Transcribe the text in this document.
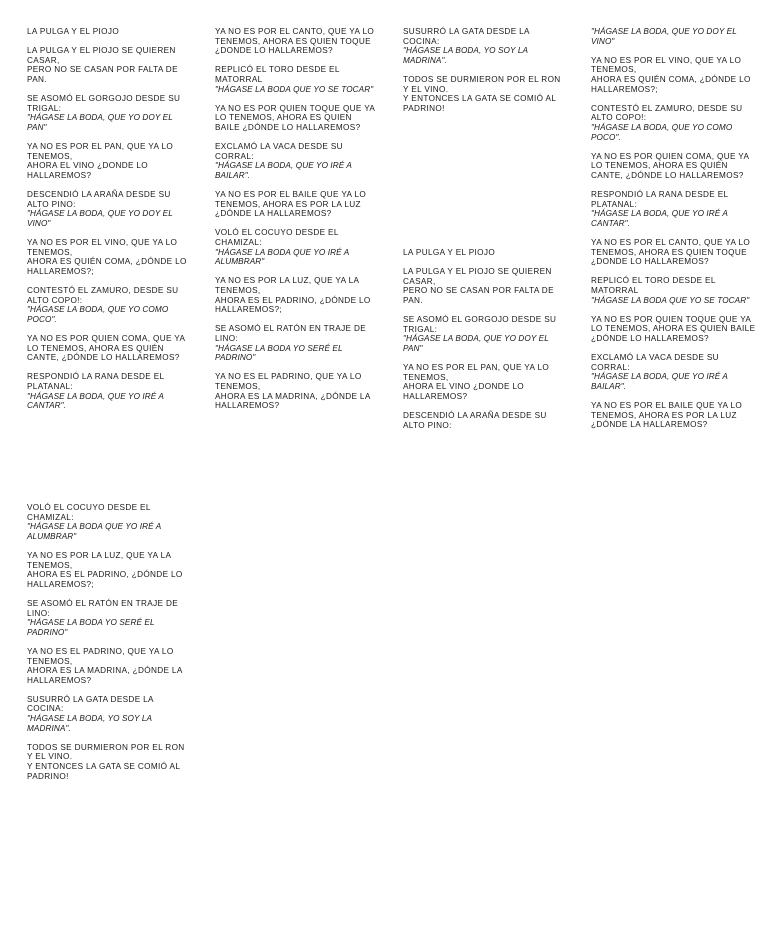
LA PULGA Y EL PIOJO
LA PULGA Y EL PIOJO SE QUIEREN CASAR,
PERO NO SE CASAN POR FALTA DE PAN.
SE ASOMÓ EL GORGOJO DESDE SU TRIGAL:
"HÁGASE LA BODA, QUE YO DOY EL PAN"
YA NO ES POR EL PAN, QUE YA LO TENEMOS,
AHORA EL VINO ¿DONDE LO HALLAREMOS?
DESCENDIÓ LA ARAÑA DESDE SU ALTO PINO:
"HÁGASE LA BODA, QUE YO DOY EL VINO"
YA NO ES POR EL VINO, QUE YA LO TENEMOS,
AHORA ES QUIÉN COMA, ¿DÓNDE LO HALLAREMOS?;
CONTESTÓ EL ZAMURO, DESDE SU ALTO COPO!:
"HÁGASE LA BODA, QUE YO COMO POCO".
YA NO ES POR QUIEN COMA, QUE YA LO TENEMOS, AHORA ES QUIÉN CANTE, ¿DÓNDE LO HALLAREMOS?
RESPONDIÓ LA RANA DESDE EL PLATANAL:
"HÁGASE LA BODA, QUE YO IRÉ A CANTAR".
YA NO ES POR EL CANTO, QUE YA LO TENEMOS, AHORA ES QUIEN TOQUE ¿DONDE LO HALLAREMOS?
REPLICÓ EL TORO DESDE EL MATORRAL
"HÁGASE LA BODA QUE YO SE TOCAR"
YA NO ES POR QUIEN TOQUE QUE YA LO TENEMOS, AHORA ES QUIEN BAILE ¿DÓNDE LO HALLAREMOS?
EXCLAMÓ LA VACA DESDE SU CORRAL:
"HÁGASE LA BODA, QUE YO IRÉ A BAILAR".
YA NO ES POR EL BAILE QUE YA LO TENEMOS, AHORA ES POR LA LUZ ¿DÓNDE LA HALLAREMOS?
VOLÓ EL COCUYO DESDE EL CHAMIZAL:
"HÁGASE LA BODA QUE YO IRÉ A ALUMBRAR"
YA NO ES POR LA LUZ, QUE YA LA TENEMOS,
AHORA ES EL PADRINO, ¿DÓNDE LO HALLAREMOS?;
SE ASOMÓ EL RATÓN EN TRAJE DE LINO:
"HÁGASE LA BODA YO SERÉ EL PADRINO"
YA NO ES EL PADRINO, QUE YA LO TENEMOS,
AHORA ES LA MADRINA, ¿DÓNDE LA HALLAREMOS?
SUSURRÓ LA GATA DESDE LA COCINA:
"HÁGASE LA BODA, YO SOY LA MADRINA".
TODOS SE DURMIERON POR EL RON Y EL VINO.
Y ENTONCES LA GATA SE COMIÓ AL PADRINO!
LA PULGA Y EL PIOJO
LA PULGA Y EL PIOJO SE QUIEREN CASAR,
PERO NO SE CASAN POR FALTA DE PAN.
SE ASOMÓ EL GORGOJO DESDE SU TRIGAL:
"HÁGASE LA BODA, QUE YO DOY EL PAN"
YA NO ES POR EL PAN, QUE YA LO TENEMOS,
AHORA EL VINO ¿DONDE LO HALLAREMOS?
DESCENDIÓ LA ARAÑA DESDE SU ALTO PINO:
"HÁGASE LA BODA, QUE YO DOY EL VINO"
YA NO ES POR EL VINO, QUE YA LO TENEMOS,
AHORA ES QUIÉN COMA, ¿DÓNDE LO HALLAREMOS?;
CONTESTÓ EL ZAMURO, DESDE SU ALTO COPO!:
"HÁGASE LA BODA, QUE YO COMO POCO".
YA NO ES POR QUIEN COMA, QUE YA LO TENEMOS, AHORA ES QUIÉN CANTE, ¿DÓNDE LO HALLAREMOS?
RESPONDIÓ LA RANA DESDE EL PLATANAL:
"HÁGASE LA BODA, QUE YO IRÉ A CANTAR".
YA NO ES POR EL CANTO, QUE YA LO TENEMOS, AHORA ES QUIEN TOQUE ¿DONDE LO HALLAREMOS?
REPLICÓ EL TORO DESDE EL MATORRAL
"HÁGASE LA BODA QUE YO SE TOCAR"
YA NO ES POR QUIEN TOQUE QUE YA LO TENEMOS, AHORA ES QUIEN BAILE ¿DÓNDE LO HALLAREMOS?
EXCLAMÓ LA VACA DESDE SU CORRAL:
"HÁGASE LA BODA, QUE YO IRÉ A BAILAR".
YA NO ES POR EL BAILE QUE YA LO TENEMOS, AHORA ES POR LA LUZ ¿DÓNDE LA HALLAREMOS?
VOLÓ EL COCUYO DESDE EL CHAMIZAL:
"HÁGASE LA BODA QUE YO IRÉ A ALUMBRAR"
YA NO ES POR LA LUZ, QUE YA LA TENEMOS,
AHORA ES EL PADRINO, ¿DÓNDE LO HALLAREMOS?;
SE ASOMÓ EL RATÓN EN TRAJE DE LINO:
"HÁGASE LA BODA YO SERÉ EL PADRINO"
YA NO ES EL PADRINO, QUE YA LO TENEMOS,
AHORA ES LA MADRINA, ¿DÓNDE LA HALLAREMOS?
SUSURRÓ LA GATA DESDE LA COCINA:
"HÁGASE LA BODA, YO SOY LA MADRINA".
TODOS SE DURMIERON POR EL RON Y EL VINO.
Y ENTONCES LA GATA SE COMIÓ AL PADRINO!
